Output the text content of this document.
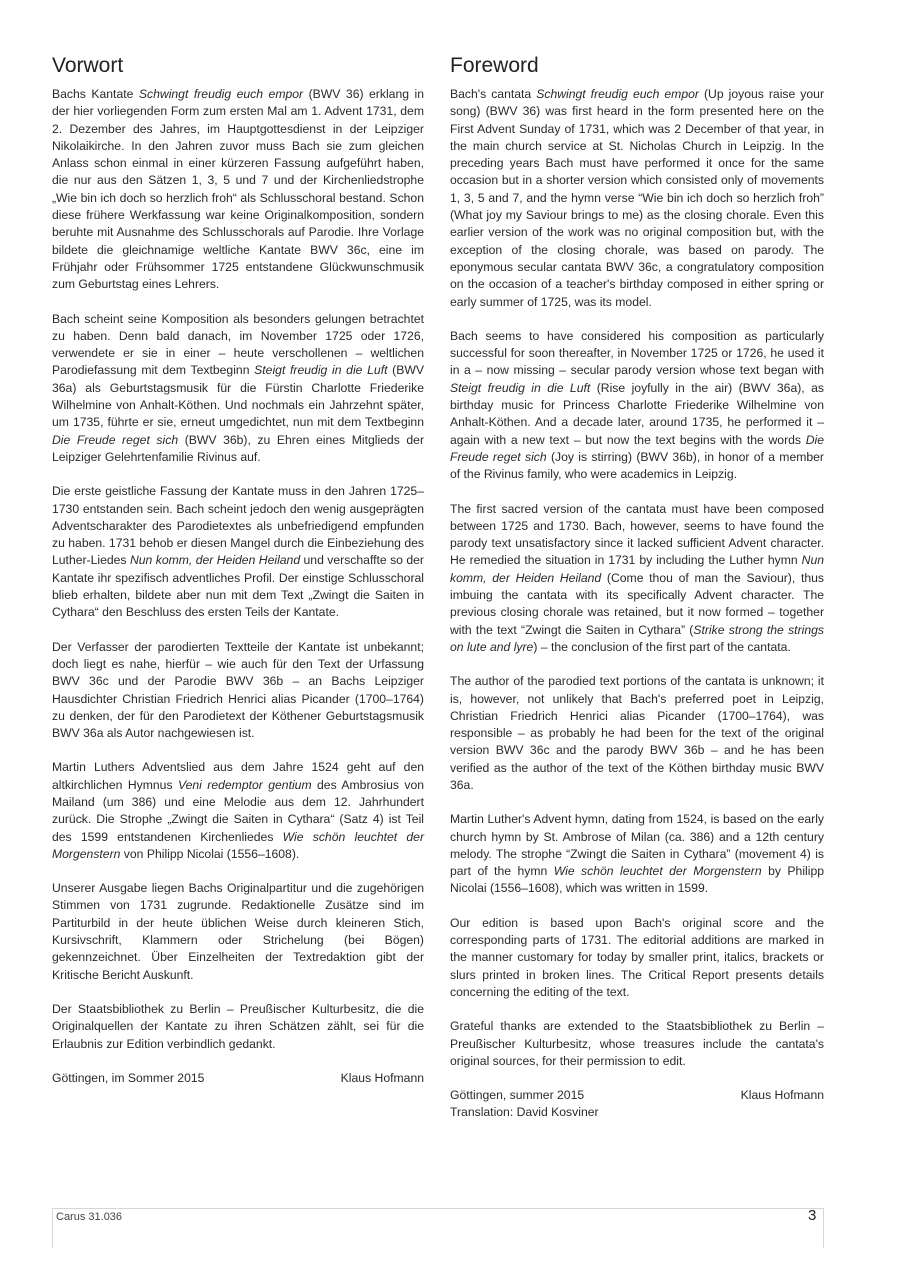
Vorwort

Bachs Kantate Schwingt freudig euch empor (BWV 36) erklang in der hier vorliegenden Form zum ersten Mal am 1. Advent 1731, dem 2. Dezember des Jahres, im Hauptgottesdienst in der Leipziger Nikolaikirche. In den Jahren zuvor muss Bach sie zum gleichen Anlass schon einmal in einer kürzeren Fassung aufgeführt haben, die nur aus den Sätzen 1, 3, 5 und 7 und der Kirchenliedstrophe „Wie bin ich doch so herzlich froh“ als Schlusschoral bestand. Schon diese frühere Werkfassung war keine Originalkomposition, sondern beruhte mit Ausnahme des Schlusschorals auf Parodie. Ihre Vorlage bildete die gleichnamige weltliche Kantate BWV 36c, eine im Frühjahr oder Frühsommer 1725 entstandene Glückwunschmusik zum Geburtstag eines Lehrers.

Bach scheint seine Komposition als besonders gelungen betrachtet zu haben. Denn bald danach, im November 1725 oder 1726, verwendete er sie in einer – heute verschollеnen – weltlichen Parodiefassung mit dem Textbeginn Steigt freudig in die Luft (BWV 36a) als Geburtstagsmusik für die Fürstin Charlotte Friederike Wilhelmine von Anhalt-Köthen. Und nochmals ein Jahrzehnt später, um 1735, führte er sie, erneut umgedichtet, nun mit dem Textbeginn Die Freude reget sich (BWV 36b), zu Ehren eines Mitglieds der Leipziger Gelehrtenfamilie Rivinus auf.

Die erste geistliche Fassung der Kantate muss in den Jahren 1725–1730 entstanden sein. Bach scheint jedoch den wenig ausgeprägten Adventscharakter des Parodietextes als unbefriedigend empfunden zu haben. 1731 behob er diesen Mangel durch die Einbeziehung des Luther-Liedes Nun komm, der Heiden Heiland und verschaffte so der Kantate ihr spezifisch adventliches Profil. Der einstige Schlusschoral blieb erhalten, bildete aber nun mit dem Text „Zwingt die Saiten in Cythara“ den Beschluss des ersten Teils der Kantate.

Der Verfasser der parodierten Textteile der Kantate ist unbekannt; doch liegt es nahe, hierfür – wie auch für den Text der Urfassung BWV 36c und der Parodie BWV 36b – an Bachs Leipziger Hausdichter Christian Friedrich Henrici alias Picander (1700–1764) zu denken, der für den Parodietext der Köthener Geburtstagsmusik BWV 36a als Autor nachgewiesen ist.

Martin Luthers Adventslied aus dem Jahre 1524 geht auf den altkirchlichen Hymnus Veni redemptor gentium des Ambrosius von Mailand (um 386) und eine Melodie aus dem 12. Jahrhundert zurück. Die Strophe „Zwingt die Saiten in Cythara“ (Satz 4) ist Teil des 1599 entstandenen Kirchenliedes Wie schön leuchtet der Morgenstern von Philipp Nicolai (1556–1608).

Unserer Ausgabe liegen Bachs Originalpartitur und die zugehörigen Stimmen von 1731 zugrunde. Redaktionelle Zusätze sind im Partiturbild in der heute üblichen Weise durch kleineren Stich, Kursivschrift, Klammern oder Strichelung (bei Bögen) gekennzeichnet. Über Einzelheiten der Textredaktion gibt der Kritische Bericht Auskunft.

Der Staatsbibliothek zu Berlin – Preußischer Kulturbesitz, die die Originalquellen der Kantate zu ihren Schätzen zählt, sei für die Erlaubnis zur Edition verbindlich gedankt.

Göttingen, im Sommer 2015	Klaus Hofmann
Foreword

Bach's cantata Schwingt freudig euch empor (Up joyous raise your song) (BWV 36) was first heard in the form presented here on the First Advent Sunday of 1731, which was 2 December of that year, in the main church service at St. Nicholas Church in Leipzig. In the preceding years Bach must have performed it once for the same occasion but in a shorter version which consisted only of movements 1, 3, 5 and 7, and the hymn verse “Wie bin ich doch so herzlich froh” (What joy my Saviour brings to me) as the closing chorale. Even this earlier version of the work was no original composition but, with the exception of the closing chorale, was based on parody. The eponymous secular cantata BWV 36c, a congratulatory composition on the occasion of a teacher's birthday composed in either spring or early summer of 1725, was its model.

Bach seems to have considered his composition as particularly successful for soon thereafter, in November 1725 or 1726, he used it in a – now missing – secular parody version whose text began with Steigt freudig in die Luft (Rise joyfully in the air) (BWV 36a), as birthday music for Princess Charlotte Friederike Wilhelmine von Anhalt-Köthen. And a decade later, around 1735, he performed it – again with a new text – but now the text begins with the words Die Freude reget sich (Joy is stirring) (BWV 36b), in honor of a member of the Rivinus family, who were academics in Leipzig.

The first sacred version of the cantata must have been composed between 1725 and 1730. Bach, however, seems to have found the parody text unsatisfactory since it lacked sufficient Advent character. He remedied the situation in 1731 by including the Luther hymn Nun komm, der Heiden Heiland (Come thou of man the Saviour), thus imbuing the cantata with its specifically Advent character. The previous closing chorale was retained, but it now formed – together with the text “Zwingt die Saiten in Cythara” (Strike strong the strings on lute and lyre) – the conclusion of the first part of the cantata.

The author of the parodied text portions of the cantata is unknown; it is, however, not unlikely that Bach's preferred poet in Leipzig, Christian Friedrich Henrici alias Picander (1700–1764), was responsible – as probably he had been for the text of the original version BWV 36c and the parody BWV 36b – and he has been verified as the author of the text of the Köthen birthday music BWV 36a.

Martin Luther's Advent hymn, dating from 1524, is based on the early church hymn by St. Ambrose of Milan (ca. 386) and a 12th century melody. The strophe “Zwingt die Saiten in Cythara” (movement 4) is part of the hymn Wie schön leuchtet der Morgenstern by Philipp Nicolai (1556–1608), which was written in 1599.

Our edition is based upon Bach's original score and the corresponding parts of 1731. The editorial additions are marked in the manner customary for today by smaller print, italics, brackets or slurs printed in broken lines. The Critical Report presents details concerning the editing of the text.

Grateful thanks are extended to the Staatsbibliothek zu Berlin – Preußischer Kulturbesitz, whose treasures include the cantata's original sources, for their permission to edit.

Göttingen, summer 2015	Klaus Hofmann
Translation: David Kosviner
Carus 31.036	3
